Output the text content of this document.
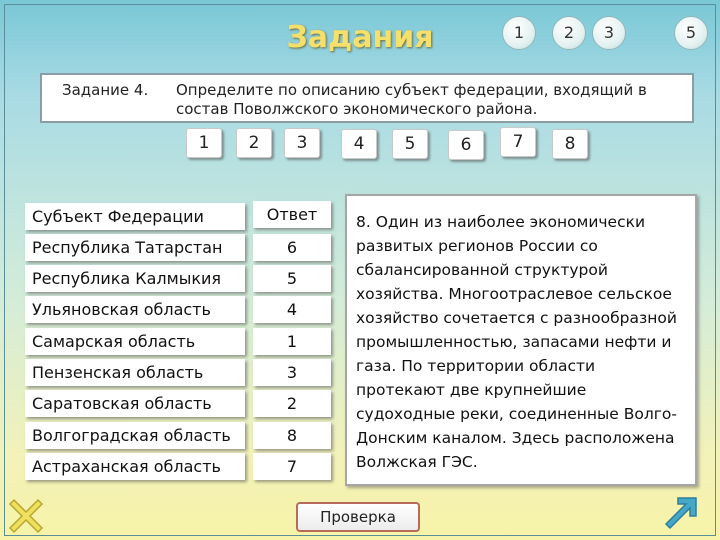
Задания	1	2	3	5
Задание 4. Определите по описанию субъект федерации, входящий в состав Поволжского экономического района.
1	2	3	4	5	6	7	8
Субъект Федерации	Ответ
Республика Татарстан	6
Республика Калмыкия	5
Ульяновская область	4
Самарская область	1
Пензенская область	3
Саратовская область	2
Волгоградская область	8
Астраханская область	7
8. Один из наиболее экономически развитых регионов России со сбалансированной структурой хозяйства. Многоотраслевое сельское хозяйство сочетается с разнообразной промышленностью, запасами нефти и газа. По территории области протекают две крупнейшие судоходные реки, соединенные Волго-Донским каналом. Здесь расположена Волжская ГЭС.
Проверка
